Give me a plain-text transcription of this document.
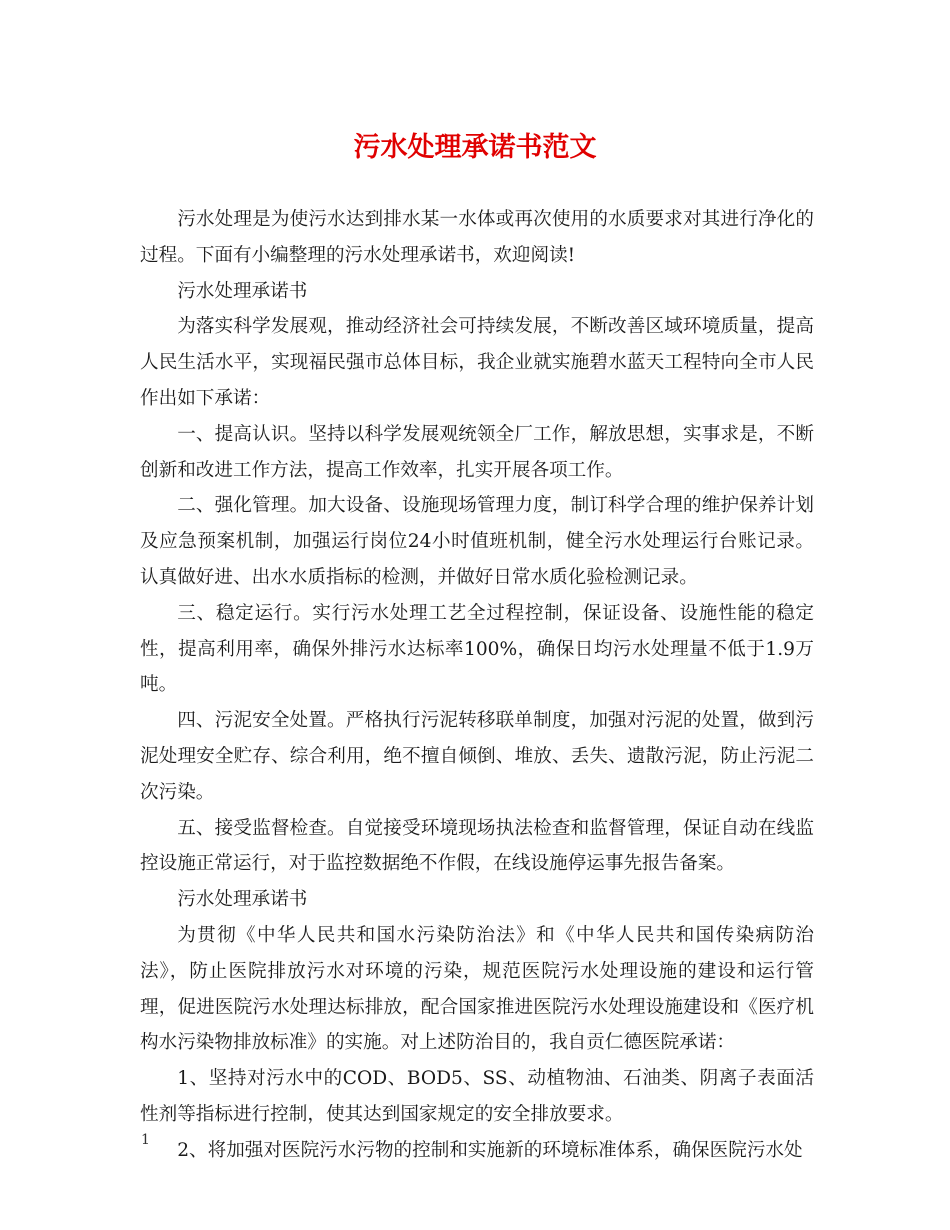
污水处理承诺书范文

污水处理是为使污水达到排水某一水体或再次使用的水质要求对其进行净化的过程。下面有小编整理的污水处理承诺书，欢迎阅读!

污水处理承诺书

为落实科学发展观，推动经济社会可持续发展，不断改善区域环境质量，提高人民生活水平，实现福民强市总体目标，我企业就实施碧水蓝天工程特向全市人民作出如下承诺：

一、提高认识。坚持以科学发展观统领全厂工作，解放思想，实事求是，不断创新和改进工作方法，提高工作效率，扎实开展各项工作。

二、强化管理。加大设备、设施现场管理力度，制订科学合理的维护保养计划及应急预案机制，加强运行岗位24小时值班机制，健全污水处理运行台账记录。认真做好进、出水水质指标的检测，并做好日常水质化验检测记录。

三、稳定运行。实行污水处理工艺全过程控制，保证设备、设施性能的稳定性，提高利用率，确保外排污水达标率100%，确保日均污水处理量不低于1.9万吨。

四、污泥安全处置。严格执行污泥转移联单制度，加强对污泥的处置，做到污泥处理安全贮存、综合利用，绝不擅自倾倒、堆放、丢失、遗散污泥，防止污泥二次污染。

五、接受监督检查。自觉接受环境现场执法检查和监督管理，保证自动在线监控设施正常运行，对于监控数据绝不作假，在线设施停运事先报告备案。

污水处理承诺书

为贯彻《中华人民共和国水污染防治法》和《中华人民共和国传染病防治法》，防止医院排放污水对环境的污染，规范医院污水处理设施的建设和运行管理，促进医院污水处理达标排放，配合国家推进医院污水处理设施建设和《医疗机构水污染物排放标准》的实施。对上述防治目的，我自贡仁德医院承诺：

1、坚持对污水中的COD、BOD5、SS、动植物油、石油类、阴离子表面活性剂等指标进行控制，使其达到国家规定的安全排放要求。

2、将加强对医院污水污物的控制和实施新的环境标准体系，确保医院污水处

1
